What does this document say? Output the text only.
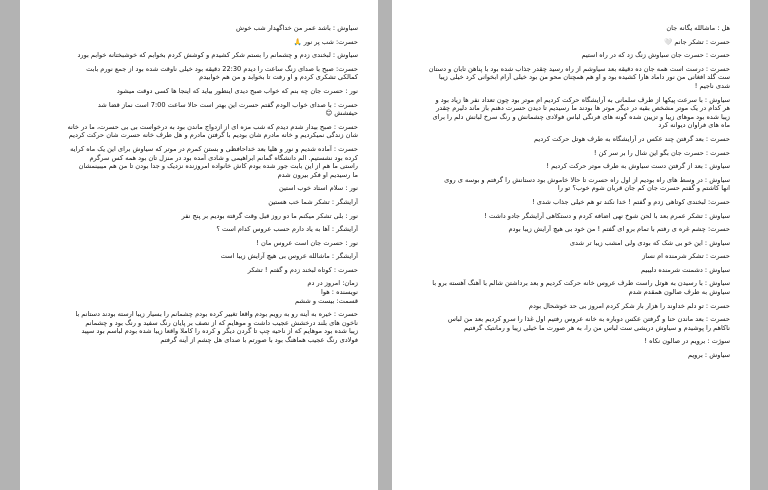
سیاوش : باشد عمر من خداگهدار شب خوش

حسرت: شب پر نور 🙏

سیاوش : لبخندی زدم و چشمانم را بستم شکر کشیدم و کوشش کردم بخوابم که خوشبختانه خوابم بورد

حسرت: صبح با صدای زنگ ساعت را دیدم 22:30 دقیقه بود خیلی ناوقت شده بود از جمع نورم بابت
کمالکی تشکری کردم و او رفت تا بخوابد و من هم خوابیدم

نور : حسرت جان چه بنم که خواب صبح دیدی اینطور بیاید که اینجا ها کسی دوقت میشود

حسرت : با صدای خواب الودم گفتم حسرت این بهتر است حالا ساعت 7:00 است نماز قضا شد
حیفشش 😊

حسرت : صبح بیدار شدم دیدم که شب مزه ای از ازدواج ماندن بود به درخواست بی بی حسرت، ما در خانه
شان زندگی نمیکردیم و خانه مادرم شان بودیم با گرفتن مادرم و هل طرف خانه حسرت شان حرکت کردیم

حسرت : آماده شدیم و نور و هلیا بعد خداحافظی و بستن کمرم در موتر که سیاوش برای این یک ماه کرایه
کرده بود نشستیم. الم دانشگاه گمانم ابراهیمی و شادی آمده بود در منزل تان بود همه کس سرگرم
راستی ما هم از این بابت جور شده بودم کاش خانواده امروزنده نزدیک و جدا بودن تا من هم میبینمشان
ما رسیدیم او فکر بیرون شدم

نور : سلام استاد خوب استین

آرایشگر : تشکر شما خب هستین

نور : بلی تشکر میکنم ما دو روز قبل وقت گرفته بودیم بر پنج نفر

آرایشگر : آها به یاد دارم حسب عروس کدام است ؟

نور : حسرت جان است عروس مان !

آرایشگر : ماشالله عروس بی هیچ آرایش زیبا است

حسرت : کوتاه لبخند زدم و گفتم ! تشکر

زمان: امروز در دم
نویسنده : هوا
قسمت: بیست و ششم

حسرت : خیره به آینه رو به رویم بودم واقعا تغییر کرده بودم چشمانم را بسیار زیبا ارسته بودند دستانم با
ناخون های بلند درخشش عجیب داشت و موهایم که از نصف بر پایان رنگ سفید و رنگ بود و چشمانم
زیبا شده بود موهایم که از ناحیه چپ تا گردن دیگر و کرده را کاملا واقعا زیبا شده بودم لباسم بود سپید
فولادی رنگ عجیب هماهنگ بود با صورتم با صدای هل چشم از آینه گرفتم

هل : ماشالله یگانه جان

حسرت : تشکر جانم 🤍

حسرت : حسرت جان سیاوش زنگ زد که در راه استیم

حسرت : درست است همه جان ده دقیقه بعد سیاوشم از راه رسید چقدر جذاب شده بود با پناهن تابان و دستان
ست گلد افغانی من نور داماد هارا کشیده بود و او هم همچنان محو من بود خیلی آرام ابخوانی کرد خیلی زیبا
شدی ناجیم !

سیاوش : با سرعت پیکها از طرف سلمانی به آرایشگاه حرکت کردیم ام موتر بود چون تعداد نفر ها زیاد بود و
هر کدام در یک موتر مشخص بقیه در دیگر موتر ها بودند ما رسیدیم تا دیدن حسرت دهنم باز ماند دلیرم چقدر
زیبا شده بود موهای زیبا و تزیین شده گونه های فرنگی لباس فولادی چشمانش و رنگ سرخ لبانش دلم را برای
ماه های فراوان دیوانه کرد

حسرت : بعد گرفتن چند عکس در آرایشگاه به طرف هوتل حرکت کردیم

حسرت : حسرت جان بگو این شال را بر سر کن !

سیاوش : بعد از گرفتن دست سیاوش به طرف موتر حرکت کردیم !

سیاوش : در وسط های راه بودیم از اول راه حسرت تا حالا خاموش بود دستانش را گرفتم و بوسه ی روی
انها کاشتم و گفتم حسرت جان کم جان قربان شوم خوب؟ تو را

حسرت: لبخندی کوتاهی زدم و گفتم ! خدا نکند تو هم خیلی جذاب شدی !

سیاوش : تشکر عمرم بعد با لحن شوخ نهی اضافه کردم و دستکاهی آرایشگر جادو داشت !

حسرت: چشم غره ی رفتم با تمام برو ای گفتم ! من خود بی هیچ آرایش زیبا بودم

سیاوش : این خو بی شک که بودی ولی امشب زیبا تر شدی

حسرت : تشکر شرمنده ام نساز

سیاوش : دشمنت شرمنده دلیبیم

سیاوش : با رسیدن به هوتل راست طرف عروس خانه حرکت کردیم و بعد برداشتن شالم با آهنگ آهسته برو با
سیاوش به طرف صالون همقدم شدم

حسرت : تو دلم خداوند را هزار بار شکر کردم امروز بی حد خوشحال بودم

حسرت : بعد ماندن حنا و گرفتن عکس دوباره به خانه عروس رفتیم اول غذا را سرو کردیم بعد من لباس
ناکاهم را پوشیدم و سیاوش دریشی ست لباس من را، به هر صورت ما خیلی زیبا و رمانتیک گرفتیم

سوژت : برویم در صالون نکاه !

سیاوش : برویم
